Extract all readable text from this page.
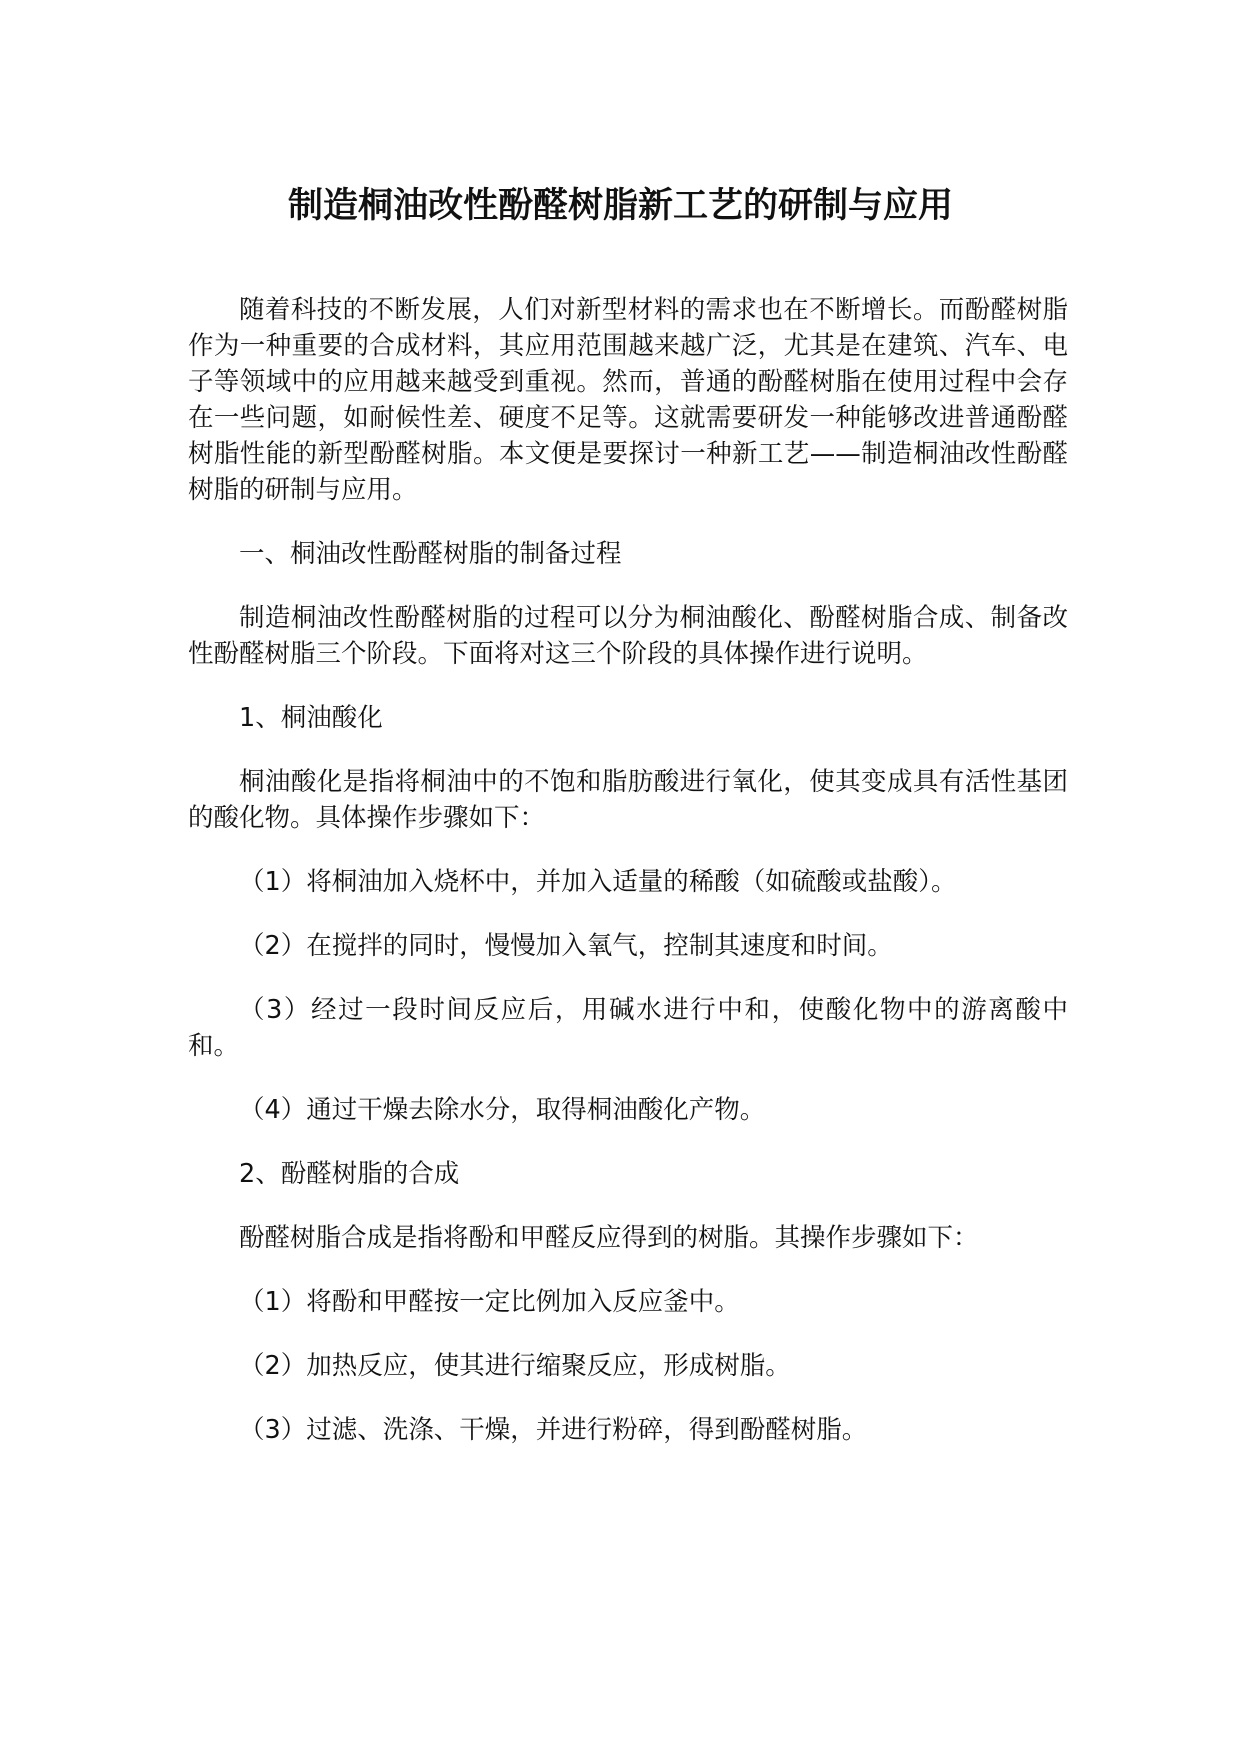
制造桐油改性酚醛树脂新工艺的研制与应用

随着科技的不断发展，人们对新型材料的需求也在不断增长。而酚醛树脂作为一种重要的合成材料，其应用范围越来越广泛，尤其是在建筑、汽车、电子等领域中的应用越来越受到重视。然而，普通的酚醛树脂在使用过程中会存在一些问题，如耐候性差、硬度不足等。这就需要研发一种能够改进普通酚醛树脂性能的新型酚醛树脂。本文便是要探讨一种新工艺——制造桐油改性酚醛树脂的研制与应用。

一、桐油改性酚醛树脂的制备过程

制造桐油改性酚醛树脂的过程可以分为桐油酸化、酚醛树脂合成、制备改性酚醛树脂三个阶段。下面将对这三个阶段的具体操作进行说明。

1、桐油酸化

桐油酸化是指将桐油中的不饱和脂肪酸进行氧化，使其变成具有活性基团的酸化物。具体操作步骤如下：

（1）将桐油加入烧杯中，并加入适量的稀酸（如硫酸或盐酸）。

（2）在搅拌的同时，慢慢加入氧气，控制其速度和时间。

（3）经过一段时间反应后，用碱水进行中和，使酸化物中的游离酸中和。

（4）通过干燥去除水分，取得桐油酸化产物。

2、酚醛树脂的合成

酚醛树脂合成是指将酚和甲醛反应得到的树脂。其操作步骤如下：

（1）将酚和甲醛按一定比例加入反应釜中。

（2）加热反应，使其进行缩聚反应，形成树脂。

（3）过滤、洗涤、干燥，并进行粉碎，得到酚醛树脂。
